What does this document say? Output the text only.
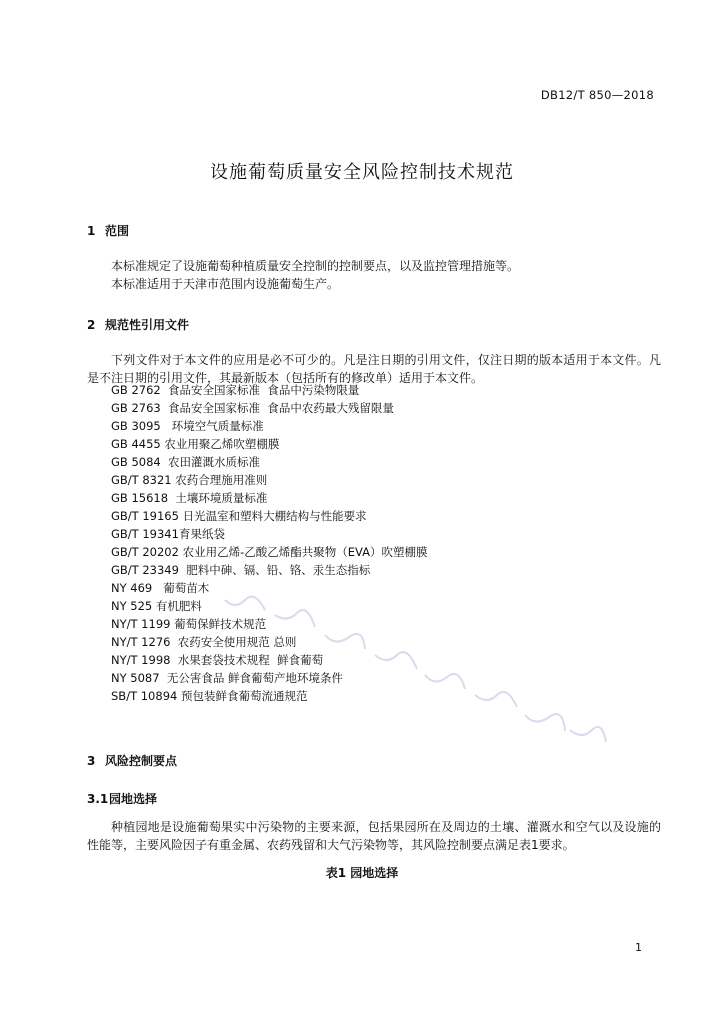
DB12/T 850—2018
设施葡萄质量安全风险控制技术规范
1 范围

本标准规定了设施葡萄种植质量安全控制的控制要点，以及监控管理措施等。

本标准适用于天津市范围内设施葡萄生产。

2 规范性引用文件

下列文件对于本文件的应用是必不可少的。凡是注日期的引用文件，仅注日期的版本适用于本文件。凡是不注日期的引用文件，其最新版本（包括所有的修改单）适用于本文件。

GB 2762  食品安全国家标准  食品中污染物限量
GB 2763  食品安全国家标准  食品中农药最大残留限量
GB 3095   环境空气质量标准
GB 4455 农业用聚乙烯吹塑棚膜
GB 5084  农田灌溉水质标准
GB/T 8321 农药合理施用准则
GB 15618  土壤环境质量标准
GB/T 19165 日光温室和塑料大棚结构与性能要求
GB/T 19341育果纸袋
GB/T 20202 农业用乙烯-乙酸乙烯酯共聚物（EVA）吹塑棚膜
GB/T 23349  肥料中砷、镉、铅、铬、汞生态指标
NY 469   葡萄苗木
NY 525 有机肥料
NY/T 1199 葡萄保鲜技术规范
NY/T 1276  农药安全使用规范 总则
NY/T 1998  水果套袋技术规程  鲜食葡萄
NY 5087  无公害食品 鲜食葡萄产地环境条件
SB/T 10894 预包装鲜食葡萄流通规范
3 风险控制要点
3.1园地选择

种植园地是设施葡萄果实中污染物的主要来源，包括果园所在及周边的土壤、灌溉水和空气以及设施的性能等，主要风险因子有重金属、农药残留和大气污染物等，其风险控制要点满足表1要求。

表1 园地选择
1
